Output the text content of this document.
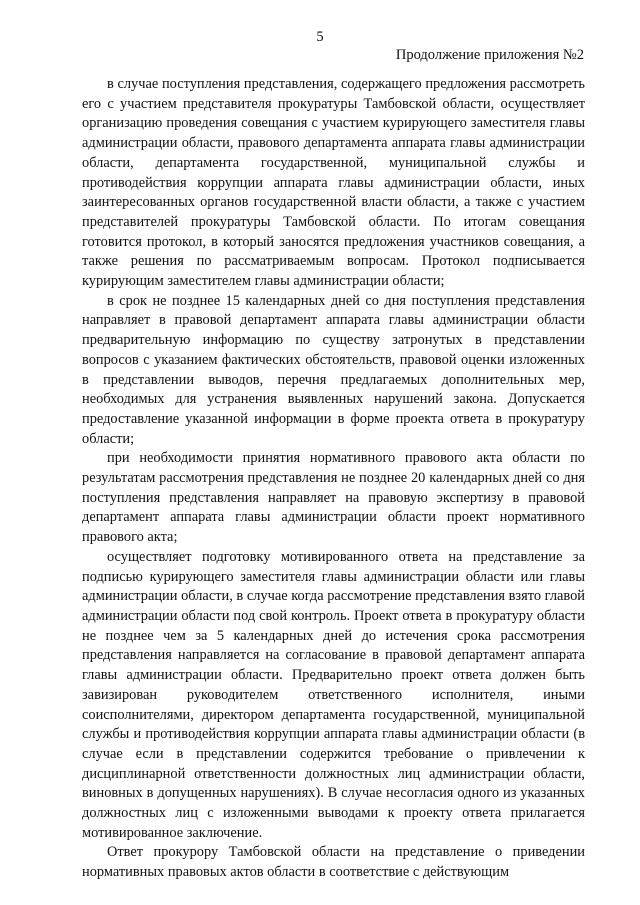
5
Продолжение приложения №2

в случае поступления представления, содержащего предложения рассмотреть его с участием представителя прокуратуры Тамбовской области, осуществляет организацию проведения совещания с участием курирующего заместителя главы администрации области, правового департамента аппарата главы администрации области, департамента государственной, муниципальной службы и противодействия коррупции аппарата главы администрации области, иных заинтересованных органов государственной власти области, а также с участием представителей прокуратуры Тамбовской области. По итогам совещания готовится протокол, в который заносятся предложения участников совещания, а также решения по рассматриваемым вопросам. Протокол подписывается курирующим заместителем главы администрации области;

в срок не позднее 15 календарных дней со дня поступления представления направляет в правовой департамент аппарата главы администрации области предварительную информацию по существу затронутых в представлении вопросов с указанием фактических обстоятельств, правовой оценки изложенных в представлении выводов, перечня предлагаемых дополнительных мер, необходимых для устранения выявленных нарушений закона. Допускается предоставление указанной информации в форме проекта ответа в прокуратуру области;

при необходимости принятия нормативного правового акта области по результатам рассмотрения представления не позднее 20 календарных дней со дня поступления представления направляет на правовую экспертизу в правовой департамент аппарата главы администрации области проект нормативного правового акта;

осуществляет подготовку мотивированного ответа на представление за подписью курирующего заместителя главы администрации области или главы администрации области, в случае когда рассмотрение представления взято главой администрации области под свой контроль. Проект ответа в прокуратуру области не позднее чем за 5 календарных дней до истечения срока рассмотрения представления направляется на согласование в правовой департамент аппарата главы администрации области. Предварительно проект ответа должен быть завизирован руководителем ответственного исполнителя, иными соисполнителями, директором департамента государственной, муниципальной службы и противодействия коррупции аппарата главы администрации области (в случае если в представлении содержится требование о привлечении к дисциплинарной ответственности должностных лиц администрации области, виновных в допущенных нарушениях). В случае несогласия одного из указанных должностных лиц с изложенными выводами к проекту ответа прилагается мотивированное заключение.

Ответ прокурору Тамбовской области на представление о приведении нормативных правовых актов области в соответствие с действующим
